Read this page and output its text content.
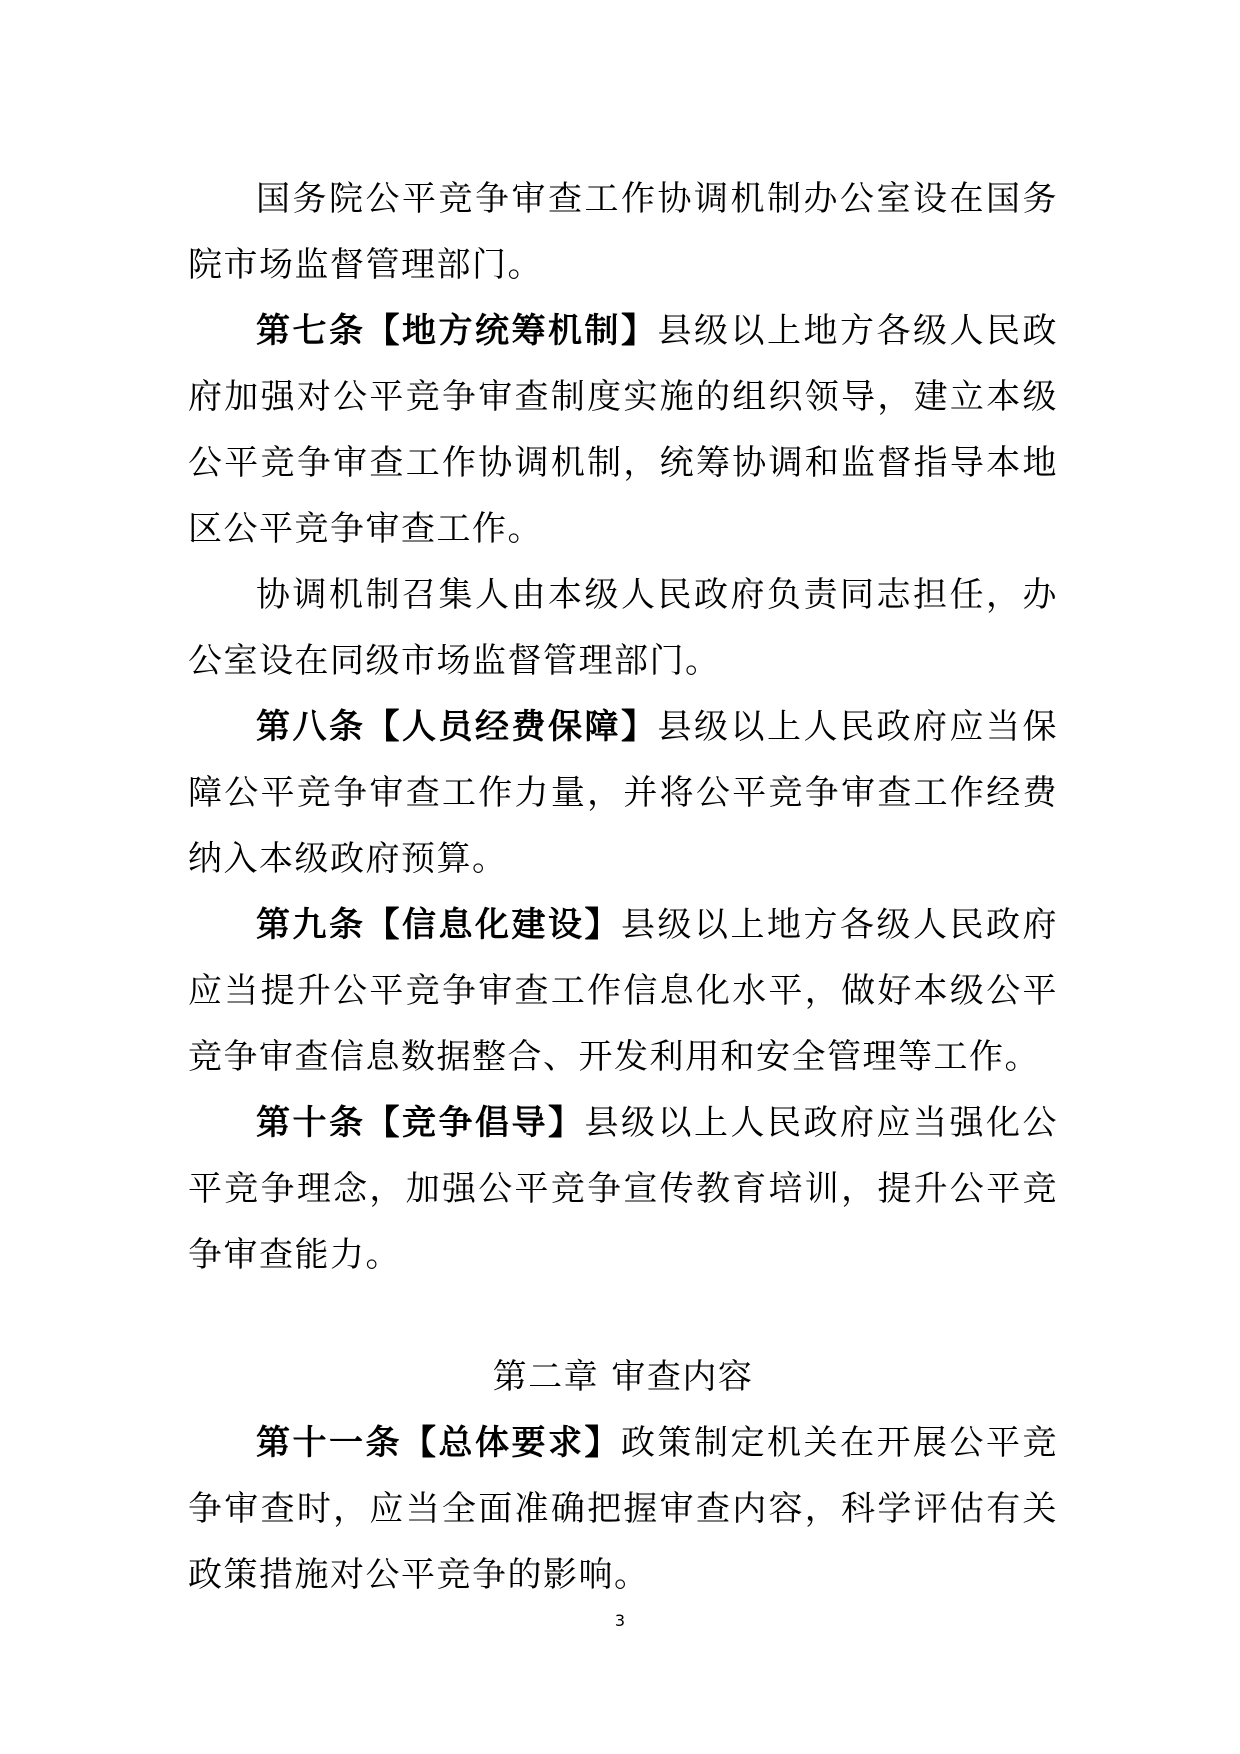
国务院公平竞争审查工作协调机制办公室设在国务院市场监督管理部门。

第七条【地方统筹机制】县级以上地方各级人民政府加强对公平竞争审查制度实施的组织领导，建立本级公平竞争审查工作协调机制，统筹协调和监督指导本地区公平竞争审查工作。

协调机制召集人由本级人民政府负责同志担任，办公室设在同级市场监督管理部门。

第八条【人员经费保障】县级以上人民政府应当保障公平竞争审查工作力量，并将公平竞争审查工作经费纳入本级政府预算。

第九条【信息化建设】县级以上地方各级人民政府应当提升公平竞争审查工作信息化水平，做好本级公平竞争审查信息数据整合、开发利用和安全管理等工作。

第十条【竞争倡导】县级以上人民政府应当强化公平竞争理念，加强公平竞争宣传教育培训，提升公平竞争审查能力。

第二章 审查内容

第十一条【总体要求】政策制定机关在开展公平竞争审查时，应当全面准确把握审查内容，科学评估有关政策措施对公平竞争的影响。

3
